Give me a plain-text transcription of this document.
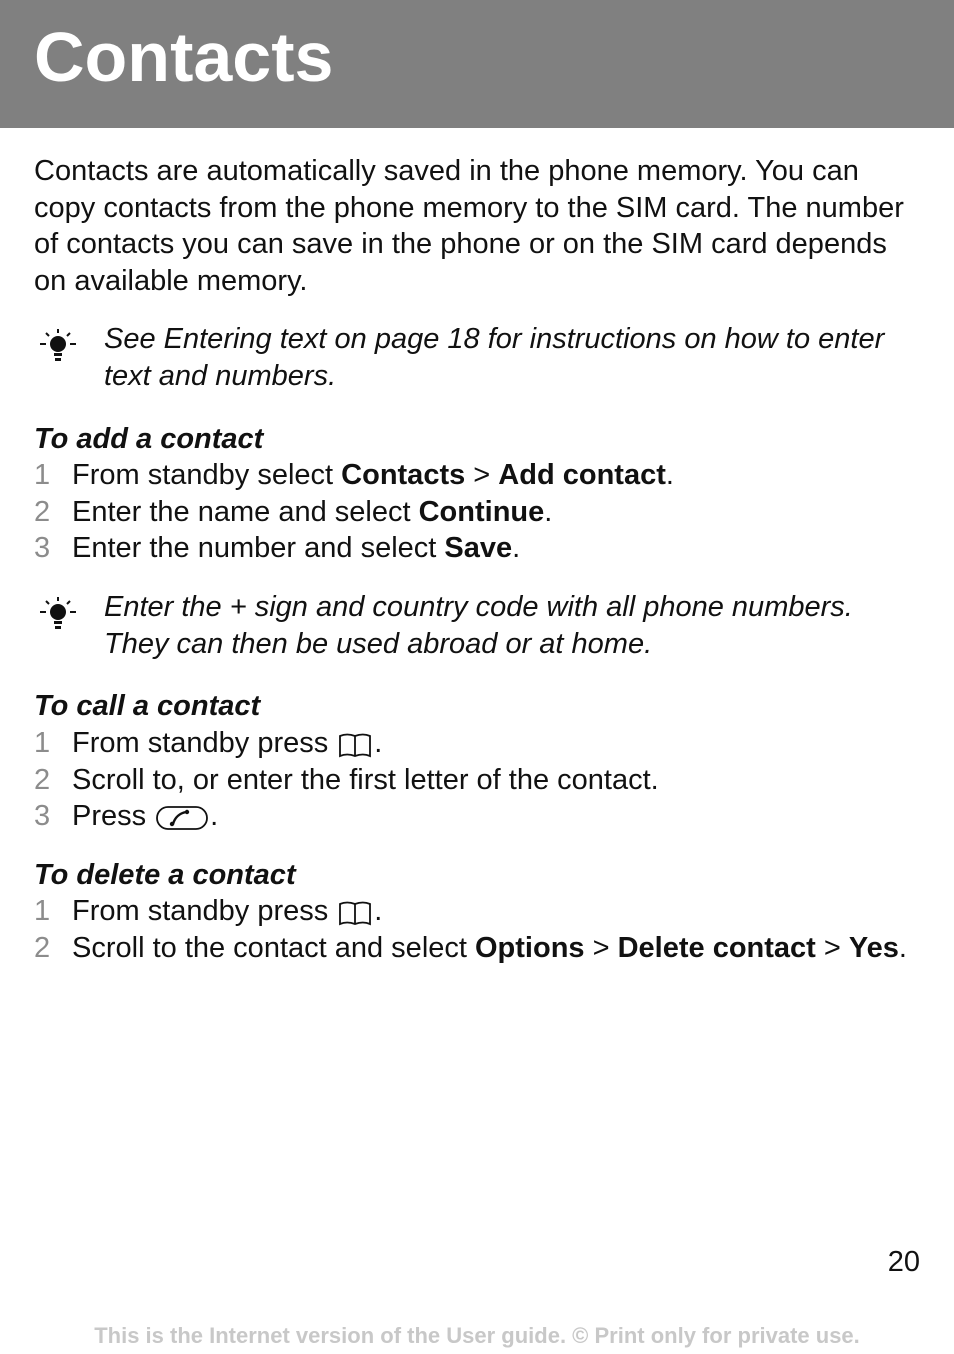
Contacts

Contacts are automatically saved in the phone memory. You can copy contacts from the phone memory to the SIM card. The number of contacts you can save in the phone or on the SIM card depends on available memory.

See Entering text on page 18 for instructions on how to enter text and numbers.

To add a contact
1 From standby select Contacts > Add contact.
2 Enter the name and select Continue.
3 Enter the number and select Save.

Enter the + sign and country code with all phone numbers. They can then be used abroad or at home.

To call a contact
1 From standby press .
2 Scroll to, or enter the first letter of the contact.
3 Press .
To delete a contact
1 From standby press .
2 Scroll to the contact and select Options > Delete contact > Yes.
20
This is the Internet version of the User guide. © Print only for private use.
